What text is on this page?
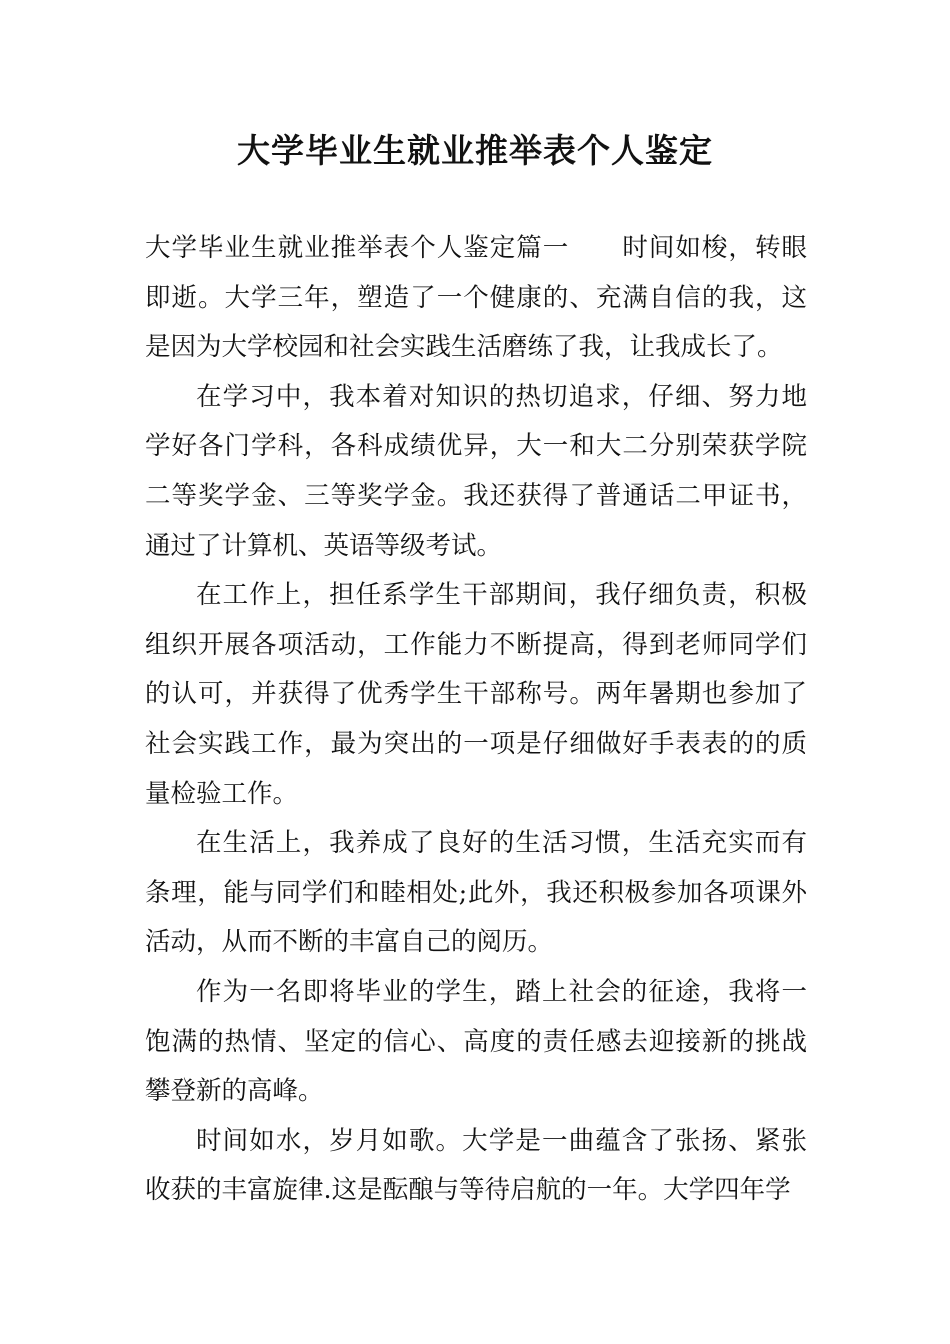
大学毕业生就业推举表个人鉴定

大学毕业生就业推举表个人鉴定篇一 时间如梭，转眼即逝。大学三年，塑造了一个健康的、充满自信的我，这是因为大学校园和社会实践生活磨练了我，让我成长了。

在学习中，我本着对知识的热切追求，仔细、努力地学好各门学科，各科成绩优异，大一和大二分别荣获学院二等奖学金、三等奖学金。我还获得了普通话二甲证书，通过了计算机、英语等级考试。

在工作上，担任系学生干部期间，我仔细负责，积极组织开展各项活动，工作能力不断提高，得到老师同学们的认可，并获得了优秀学生干部称号。两年暑期也参加了社会实践工作，最为突出的一项是仔细做好手表表的的质量检验工作。

在生活上，我养成了良好的生活习惯，生活充实而有条理，能与同学们和睦相处;此外，我还积极参加各项课外活动，从而不断的丰富自己的阅历。

作为一名即将毕业的学生，踏上社会的征途，我将一饱满的热情、坚定的信心、高度的责任感去迎接新的挑战攀登新的高峰。

时间如水，岁月如歌。大学是一曲蕴含了张扬、紧张收获的丰富旋律.这是酝酿与等待启航的一年。大学四年学
